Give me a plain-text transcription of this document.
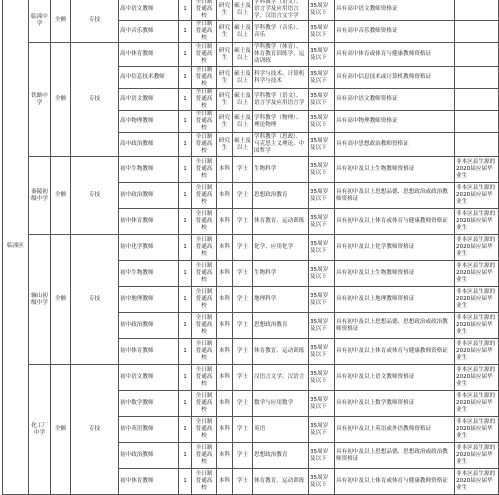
临潼区	临潼中学	全额	专技	高中语文教师	1	全日制普通高校	研究生	硕士及以上	学科教学（语文）、语言学及应用语言学、汉语言文字学	35周岁及以下	具有高中语文教师资格证	
				高中音乐教师	1	全日制普通高校	研究生	硕士及以上	学科教学（音乐）、音乐	35周岁及以下	具有高中音乐教师资格证	
	铁路中学	全额	专技	高中体育教师	1	全日制普通高校	研究生	硕士及以上	学科教学（体育）、体育教育训练学、运动训练	35周岁及以下	具有高中体育或体育与健康教师资格证	
				高中信息技术教师	1	全日制普通高校	研究生	硕士及以上	科学与技术、计算机科学与技术	35周岁及以下	具有高中信息技术或计算机教师资格证	
				高中语文教师	1	全日制普通高校	研究生	硕士及以上	学科教学（语文）、语言学及应用语言学	35周岁及以下	具有高中语文教师资格证	
				高中物理教师	1	全日制普通高校	研究生	硕士及以上	学科教学（物理）、理论物理	35周岁及以下	具有高中物理教师资格证	
				高中政治教师	1	全日制普通高校	研究生	硕士及以上	学科教学（思政）、马克思主义理论、中国哲学	35周岁及以下	具有高中思想政治教师资格证	
	秦陵初级中学	全额	专技	初中生物教师	1	全日制普通高校	本科	学士	生物科学	35周岁及以下	具有初中及以上生物教师资格证	非本区县生源的2020届应届毕业生
				初中政治教师	1	全日制普通高校	本科	学士	思想政治教育	35周岁及以下	具有初中及以上思想品德、思想政治或政治教师资格证	非本区县生源的2020届应届毕业生
				初中体育教师	1	全日制普通高校	本科	学士	体育教育、运动训练	35周岁及以下	具有初中及以上体育或体育与健康教师资格证	非本区县生源的2020届应届毕业生
	骊山初级中学	全额	专技	初中化学教师	1	全日制普通高校	本科	学士	化学、应用化学	35周岁及以下	具有初中及以上化学教师资格证	非本区县生源的2020届应届毕业生
				初中生物教师	1	全日制普通高校	本科	学士	生物科学	35周岁及以下	具有初中及以上生物教师资格证	非本区县生源的2020届应届毕业生
				初中地理教师	1	全日制普通高校	本科	学士	地理科学	35周岁及以下	具有初中及以上地理教师资格证	非本区县生源的2020届应届毕业生
				初中政治教师	1	全日制普通高校	本科	学士	思想政治教育	35周岁及以下	具有初中及以上思想品德、思想政治或政治教师资格证	非本区县生源的2020届应届毕业生
				初中体育教师	1	全日制普通高校	本科	学士	体育教育、运动训练	35周岁及以下	具有初中及以上体育或体育与健康教师资格证	非本区县生源的2020届应届毕业生
	化工厂中学	全额	专技	初中语文教师	1	全日制普通高校	本科	学士	汉语言文学、汉语言	35周岁及以下	具有初中及以上语文教师资格证	非本区县生源的2020届应届毕业生
				初中数学教师	1	全日制普通高校	本科	学士	数学与应用数学	35周岁及以下	具有初中及以上数学教师资格证	非本区县生源的2020届应届毕业生
				初中英语教师	1	全日制普通高校	本科	学士	英语	35周岁及以下	具有初中及以上英语或外语教师资格证	非本区县生源的2020届应届毕业生
				初中政治教师	1	全日制普通高校	本科	学士	思想政治教育	35周岁及以下	具有初中及以上思想品德、思想政治或政治教师资格证	非本区县生源的2020届应届毕业生
				初中体育教师	1	全日制普通高校	本科	学士	体育教育、运动训练	35周岁及以下	具有初中及以上体育或体育与健康教师资格证	非本区县生源的2020届应届毕业生
